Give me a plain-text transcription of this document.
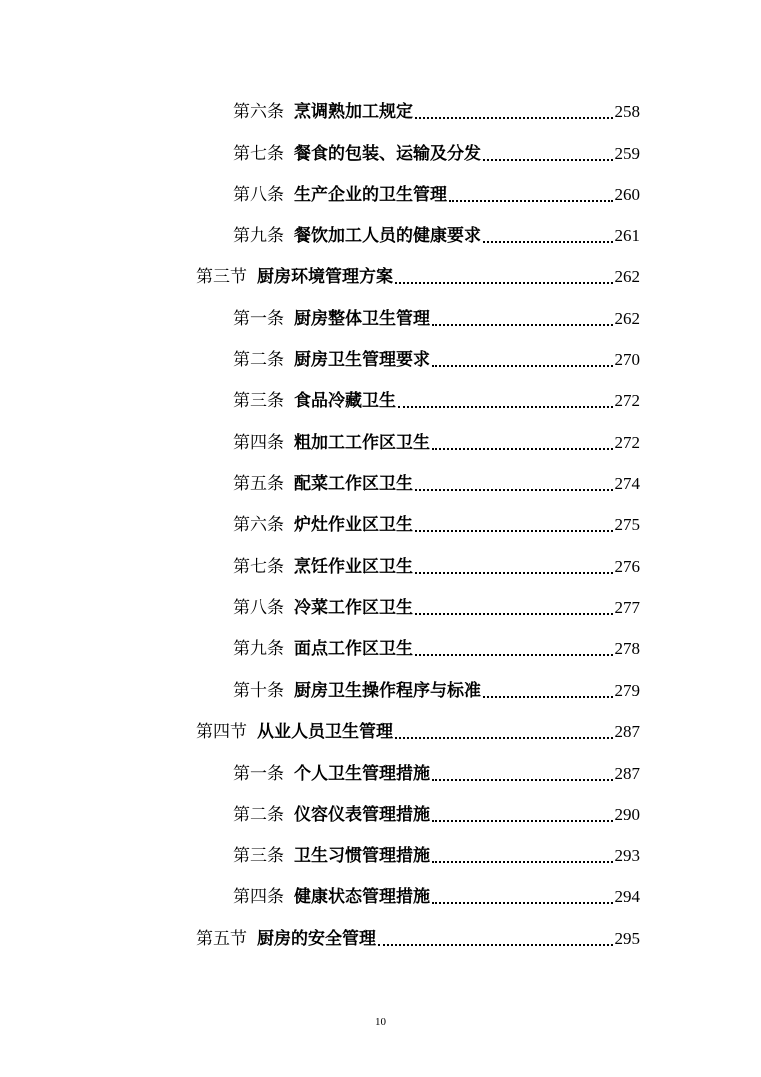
第六条 烹调熟加工规定	258
第七条 餐食的包装、运输及分发	259
第八条 生产企业的卫生管理	260
第九条 餐饮加工人员的健康要求	261
第三节 厨房环境管理方案	262
第一条 厨房整体卫生管理	262
第二条 厨房卫生管理要求	270
第三条 食品冷藏卫生	272
第四条 粗加工工作区卫生	272
第五条 配菜工作区卫生	274
第六条 炉灶作业区卫生	275
第七条 烹饪作业区卫生	276
第八条 冷菜工作区卫生	277
第九条 面点工作区卫生	278
第十条 厨房卫生操作程序与标准	279
第四节 从业人员卫生管理	287
第一条 个人卫生管理措施	287
第二条 仪容仪表管理措施	290
第三条 卫生习惯管理措施	293
第四条 健康状态管理措施	294
第五节 厨房的安全管理	295
10
